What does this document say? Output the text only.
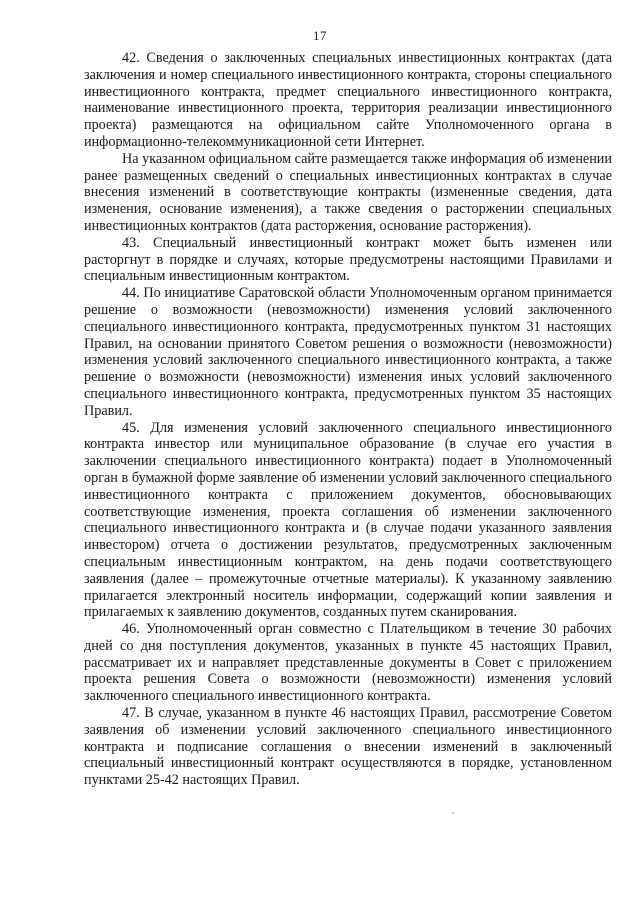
17

42. Сведения о заключенных специальных инвестиционных контрактах (дата заключения и номер специального инвестиционного контракта, стороны специального инвестиционного контракта, предмет специального инвестиционного контракта, наименование инвестиционного проекта, территория реализации инвестиционного проекта) размещаются на официальном сайте Уполномоченного органа в информационно-телекоммуникационной сети Интернет.

На указанном официальном сайте размещается также информация об изменении ранее размещенных сведений о специальных инвестиционных контрактах в случае внесения изменений в соответствующие контракты (измененные сведения, дата изменения, основание изменения), а также сведения о расторжении специальных инвестиционных контрактов (дата расторжения, основание расторжения).

43. Специальный инвестиционный контракт может быть изменен или расторгнут в порядке и случаях, которые предусмотрены настоящими Правилами и специальным инвестиционным контрактом.

44. По инициативе Саратовской области Уполномоченным органом принимается решение о возможности (невозможности) изменения условий заключенного специального инвестиционного контракта, предусмотренных пунктом 31 настоящих Правил, на основании принятого Советом решения о возможности (невозможности) изменения условий заключенного специального инвестиционного контракта, а также решение о возможности (невозможности) изменения иных условий заключенного специального инвестиционного контракта, предусмотренных пунктом 35 настоящих Правил.

45. Для изменения условий заключенного специального инвестиционного контракта инвестор или муниципальное образование (в случае его участия в заключении специального инвестиционного контракта) подает в Уполномоченный орган в бумажной форме заявление об изменении условий заключенного специального инвестиционного контракта с приложением документов, обосновывающих соответствующие изменения, проекта соглашения об изменении заключенного специального инвестиционного контракта и (в случае подачи указанного заявления инвестором) отчета о достижении результатов, предусмотренных заключенным специальным инвестиционным контрактом, на день подачи соответствующего заявления (далее – промежуточные отчетные материалы). К указанному заявлению прилагается электронный носитель информации, содержащий копии заявления и прилагаемых к заявлению документов, созданных путем сканирования.

46. Уполномоченный орган совместно с Плательщиком в течение 30 рабочих дней со дня поступления документов, указанных в пункте 45 настоящих Правил, рассматривает их и направляет представленные документы в Совет с приложением проекта решения Совета о возможности (невозможности) изменения условий заключенного специального инвестиционного контракта.

47. В случае, указанном в пункте 46 настоящих Правил, рассмотрение Советом заявления об изменении условий заключенного специального инвестиционного контракта и подписание соглашения о внесении изменений в заключенный специальный инвестиционный контракт осуществляются в порядке, установленном пунктами 25-42 настоящих Правил.
